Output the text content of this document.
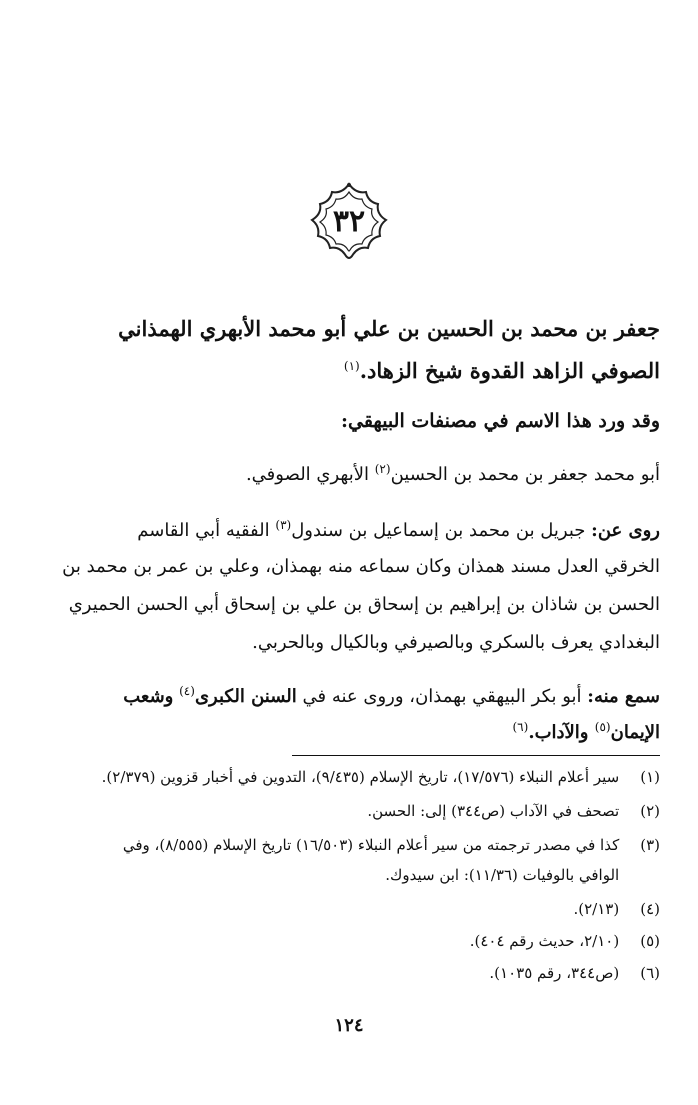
٣٢
جعفر بن محمد بن الحسين بن علي أبو محمد الأبهري الهمذاني
الصوفي الزاهد القدوة شيخ الزهاد.$^{(١)}$
وقد ورد هذا الاسم في مصنفات البيهقي:
أبو محمد جعفر بن محمد بن الحسين$^{(٢)}$ الأبهري الصوفي.
روى عن: جبريل بن محمد بن إسماعيل بن سندول$^{(٣)}$ الفقيه أبي القاسم
الخرقي العدل مسند همذان وكان سماعه منه بهمذان، وعلي بن عمر بن محمد بن
الحسن بن شاذان بن إبراهيم بن إسحاق بن علي بن إسحاق أبي الحسن الحميري
البغدادي يعرف بالسكري وبالصيرفي وبالكيال وبالحربي.
سمع منه: أبو بكر البيهقي بهمذان، وروى عنه في السنن الكبرى$^{(٤)}$ وشعب
الإيمان$^{(٥)}$ والآداب.$^{(٦)}$
(١) سير أعلام النبلاء (١٧/٥٧٦)، تاريخ الإسلام (٩/٤٣٥)، التدوين في أخبار قزوين (٢/٣٧٩).
(٢) تصحف في الآداب (ص٣٤٤) إلى: الحسن.
(٣) كذا في مصدر ترجمته من سير أعلام النبلاء (١٦/٥٠٣) تاريخ الإسلام (٨/٥٥٥)، وفي
الوافي بالوفيات (١١/٣٦): ابن سيدوك.
(٤) (٢/١٣).
(٥) (٢/١٠، حديث رقم ٤٠٤).
(٦) (ص٣٤٤، رقم ١٠٣٥).
١٢٤
